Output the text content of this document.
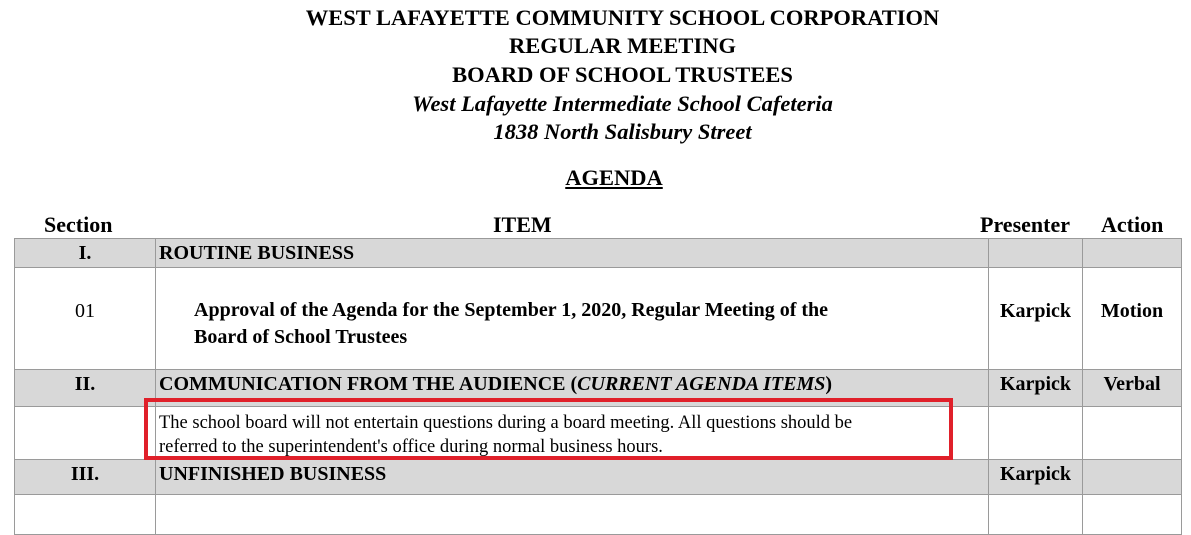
WEST LAFAYETTE COMMUNITY SCHOOL CORPORATION
REGULAR MEETING
BOARD OF SCHOOL TRUSTEES
West Lafayette Intermediate School Cafeteria
1838 North Salisbury Street
AGENDA
Section	ITEM	Presenter Action
I.	ROUTINE BUSINESS		

01	Approval of the Agenda for the September 1, 2020, Regular Meeting of the
Board of School Trustees	Karpick	Motion

II.	COMMUNICATION FROM THE AUDIENCE (CURRENT AGENDA ITEMS)	Karpick	Verbal

	The school board will not entertain questions during a board meeting. All questions should be

referred to the superintendent's office during normal business hours.		

III.	UNFINISHED BUSINESS	Karpick	
